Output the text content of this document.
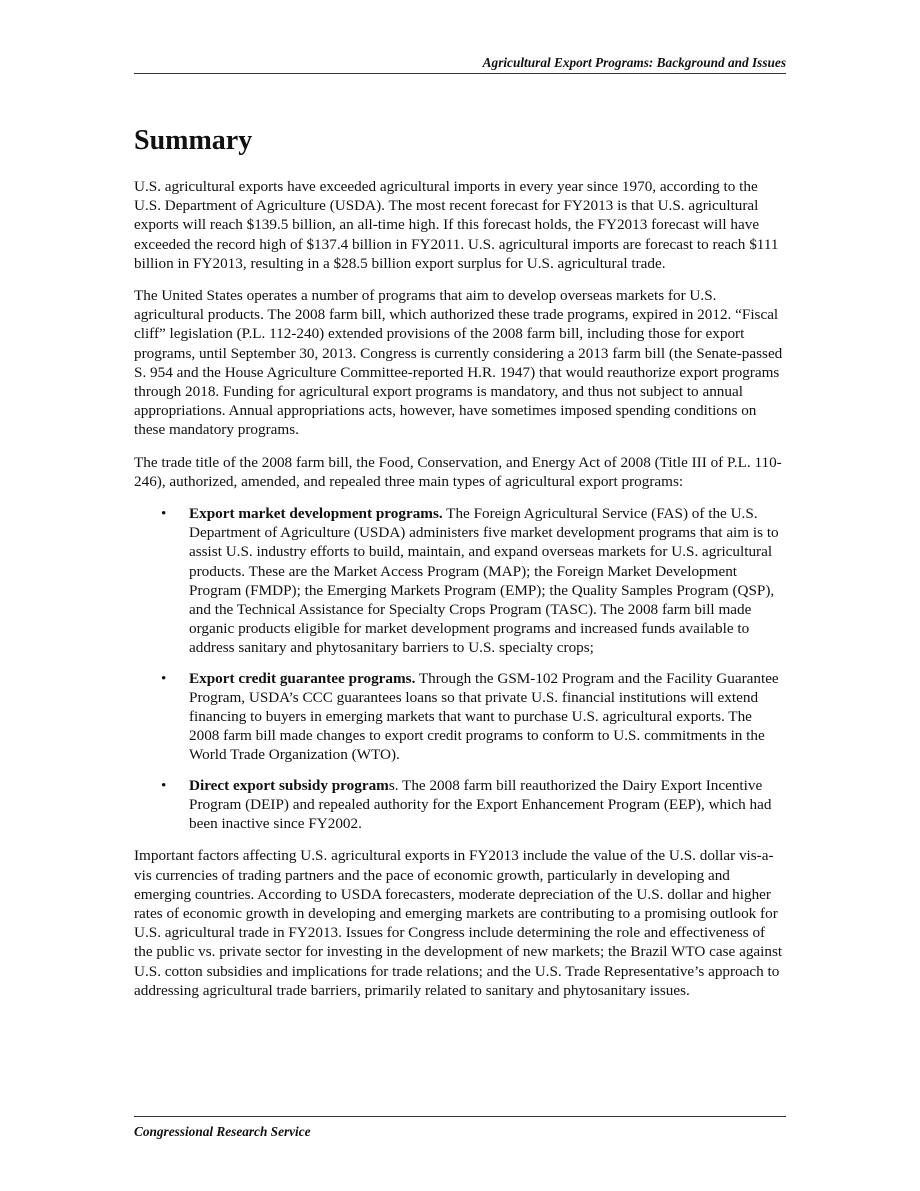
Agricultural Export Programs: Background and Issues
Summary

U.S. agricultural exports have exceeded agricultural imports in every year since 1970, according to the U.S. Department of Agriculture (USDA). The most recent forecast for FY2013 is that U.S. agricultural exports will reach $139.5 billion, an all-time high. If this forecast holds, the FY2013 forecast will have exceeded the record high of $137.4 billion in FY2011. U.S. agricultural imports are forecast to reach $111 billion in FY2013, resulting in a $28.5 billion export surplus for U.S. agricultural trade.

The United States operates a number of programs that aim to develop overseas markets for U.S. agricultural products. The 2008 farm bill, which authorized these trade programs, expired in 2012. “Fiscal cliff” legislation (P.L. 112-240) extended provisions of the 2008 farm bill, including those for export programs, until September 30, 2013. Congress is currently considering a 2013 farm bill (the Senate-passed S. 954 and the House Agriculture Committee-reported H.R. 1947) that would reauthorize export programs through 2018. Funding for agricultural export programs is mandatory, and thus not subject to annual appropriations. Annual appropriations acts, however, have sometimes imposed spending conditions on these mandatory programs.

The trade title of the 2008 farm bill, the Food, Conservation, and Energy Act of 2008 (Title III of P.L. 110-246), authorized, amended, and repealed three main types of agricultural export programs:

• Export market development programs. The Foreign Agricultural Service (FAS) of the U.S. Department of Agriculture (USDA) administers five market development programs that aim is to assist U.S. industry efforts to build, maintain, and expand overseas markets for U.S. agricultural products. These are the Market Access Program (MAP); the Foreign Market Development Program (FMDP); the Emerging Markets Program (EMP); the Quality Samples Program (QSP), and the Technical Assistance for Specialty Crops Program (TASC). The 2008 farm bill made organic products eligible for market development programs and increased funds available to address sanitary and phytosanitary barriers to U.S. specialty crops;
• Export credit guarantee programs. Through the GSM-102 Program and the Facility Guarantee Program, USDA’s CCC guarantees loans so that private U.S. financial institutions will extend financing to buyers in emerging markets that want to purchase U.S. agricultural exports. The 2008 farm bill made changes to export credit programs to conform to U.S. commitments in the World Trade Organization (WTO).
• Direct export subsidy programs. The 2008 farm bill reauthorized the Dairy Export Incentive Program (DEIP) and repealed authority for the Export Enhancement Program (EEP), which had been inactive since FY2002.

Important factors affecting U.S. agricultural exports in FY2013 include the value of the U.S. dollar vis-a-vis currencies of trading partners and the pace of economic growth, particularly in developing and emerging countries. According to USDA forecasters, moderate depreciation of the U.S. dollar and higher rates of economic growth in developing and emerging markets are contributing to a promising outlook for U.S. agricultural trade in FY2013. Issues for Congress include determining the role and effectiveness of the public vs. private sector for investing in the development of new markets; the Brazil WTO case against U.S. cotton subsidies and implications for trade relations; and the U.S. Trade Representative’s approach to addressing agricultural trade barriers, primarily related to sanitary and phytosanitary issues.

Congressional Research Service
